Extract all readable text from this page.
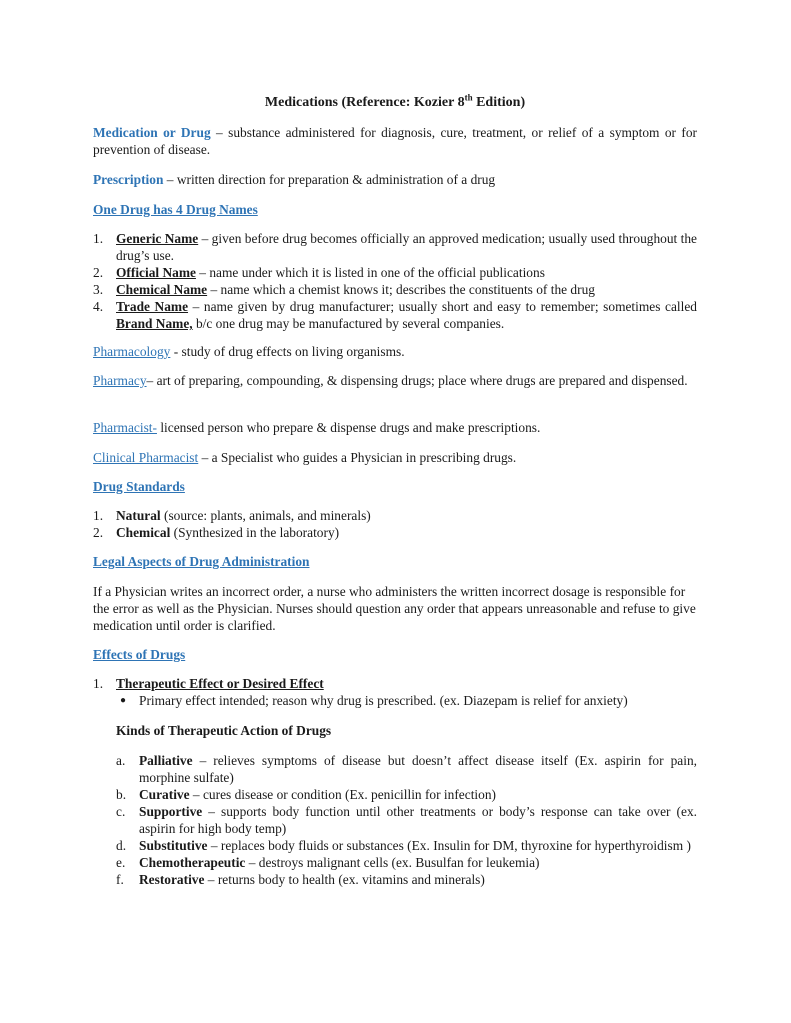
Medications (Reference: Kozier 8th Edition)
Medication or Drug – substance administered for diagnosis, cure, treatment, or relief of a symptom or for prevention of disease.
Prescription – written direction for preparation & administration of a drug
One Drug has 4 Drug Names
1. Generic Name – given before drug becomes officially an approved medication; usually used throughout the drug’s use.
2. Official Name – name under which it is listed in one of the official publications
3. Chemical Name – name which a chemist knows it; describes the constituents of the drug
4. Trade Name – name given by drug manufacturer; usually short and easy to remember; sometimes called Brand Name, b/c one drug may be manufactured by several companies.
Pharmacology - study of drug effects on living organisms.
Pharmacy– art of preparing, compounding, & dispensing drugs; place where drugs are prepared and dispensed.
Pharmacist- licensed person who prepare & dispense drugs and make prescriptions.
Clinical Pharmacist – a Specialist who guides a Physician in prescribing drugs.
Drug Standards
1. Natural (source: plants, animals, and minerals)
2. Chemical (Synthesized in the laboratory)
Legal Aspects of Drug Administration
If a Physician writes an incorrect order, a nurse who administers the written incorrect dosage is responsible for the error as well as the Physician. Nurses should question any order that appears unreasonable and refuse to give medication until order is clarified.
Effects of Drugs
1. Therapeutic Effect or Desired Effect
● Primary effect intended; reason why drug is prescribed. (ex. Diazepam is relief for anxiety)
Kinds of Therapeutic Action of Drugs
a. Palliative – relieves symptoms of disease but doesn’t affect disease itself (Ex. aspirin for pain, morphine sulfate)
b. Curative – cures disease or condition (Ex. penicillin for infection)
c. Supportive – supports body function until other treatments or body’s response can take over (ex. aspirin for high body temp)
d. Substitutive – replaces body fluids or substances (Ex. Insulin for DM, thyroxine for hyperthyroidism )
e. Chemotherapeutic – destroys malignant cells (ex. Busulfan for leukemia)
f. Restorative – returns body to health (ex. vitamins and minerals)
